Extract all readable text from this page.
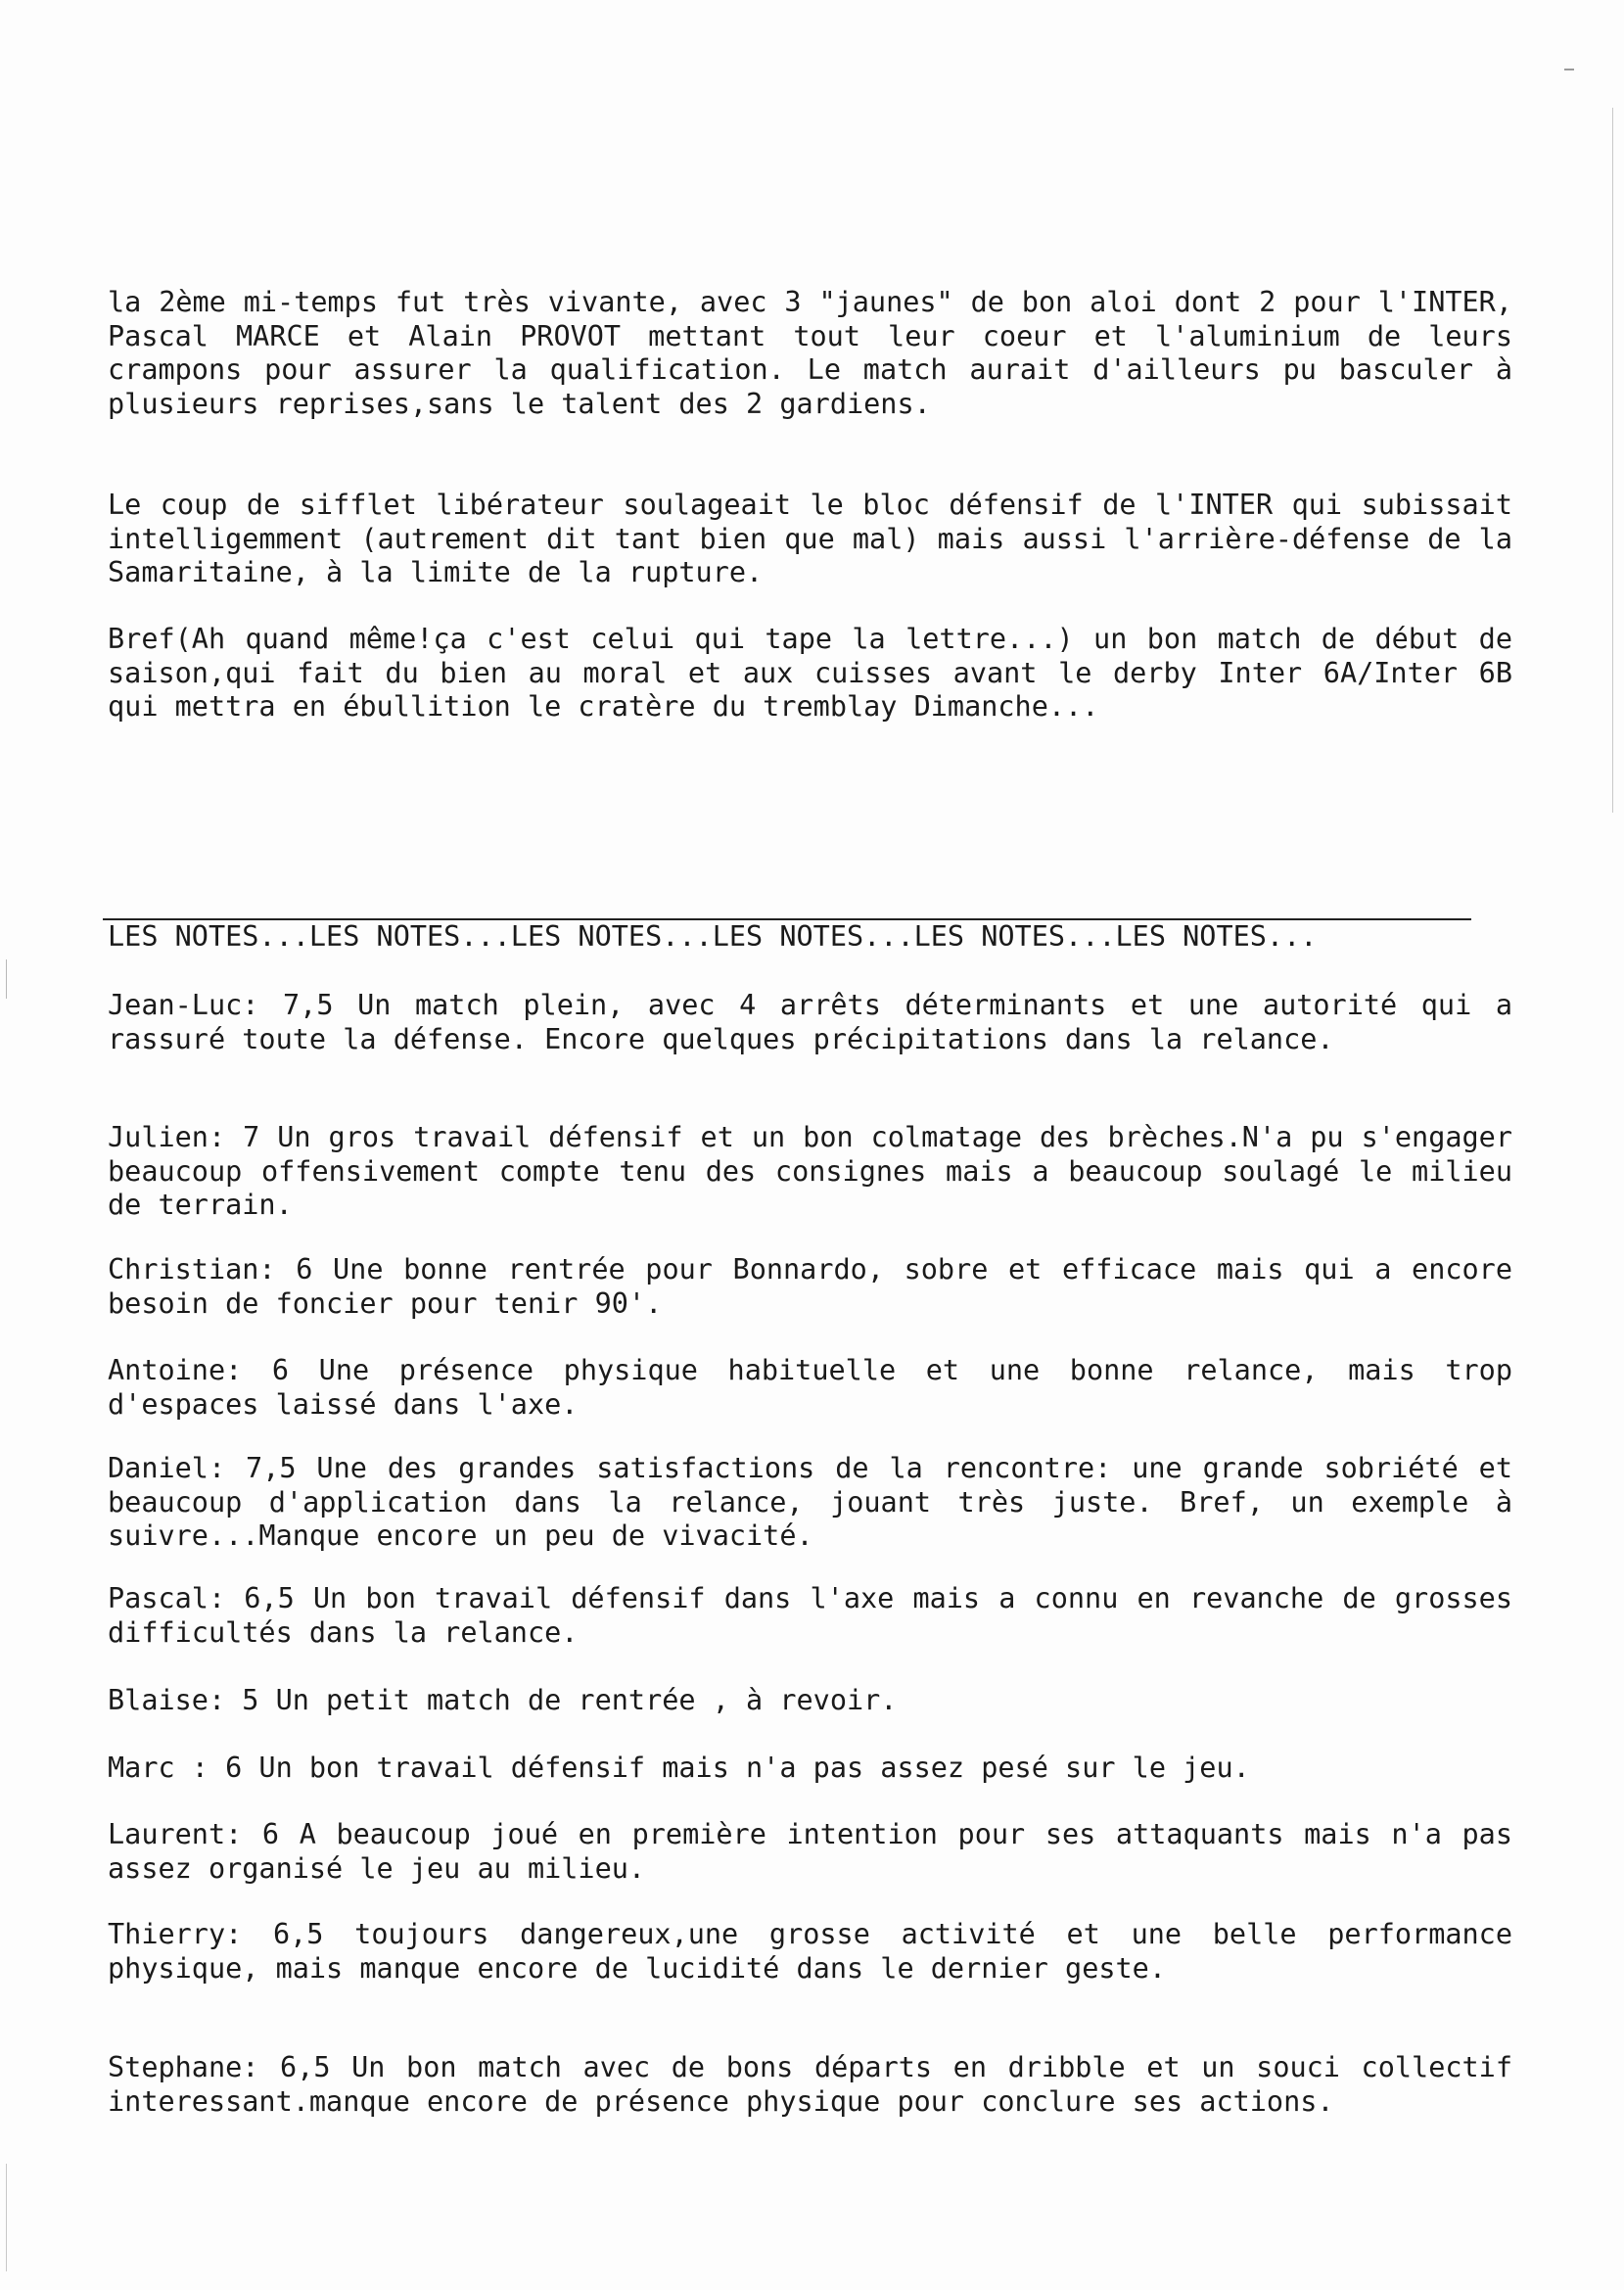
la 2ème mi-temps fut très vivante, avec 3 "jaunes" de bon aloi dont 2 pour l'INTER, Pascal MARCE et Alain PROVOT mettant tout leur coeur et l'aluminium de leurs crampons pour assurer la qualification. Le match aurait d'ailleurs pu basculer à plusieurs reprises,sans le talent des 2 gardiens.

Le coup de sifflet libérateur soulageait le bloc défensif de l'INTER qui subissait intelligemment (autrement dit tant bien que mal) mais aussi l'arrière-défense de la Samaritaine, à la limite de la rupture.

Bref(Ah quand même!ça c'est celui qui tape la lettre...) un bon match de début de saison,qui fait du bien au moral et aux cuisses avant le derby Inter 6A/Inter 6B qui mettra en ébullition le cratère du tremblay Dimanche...

LES NOTES...LES NOTES...LES NOTES...LES NOTES...LES NOTES...LES NOTES...

Jean-Luc: 7,5 Un match plein, avec 4 arrêts déterminants et une autorité qui a rassuré toute la défense. Encore quelques précipitations dans la relance.

Julien: 7 Un gros travail défensif et un bon colmatage des brèches.N'a pu s'engager beaucoup offensivement compte tenu des consignes mais a beaucoup soulagé le milieu de terrain.

Christian: 6 Une bonne rentrée pour Bonnardo, sobre et efficace mais qui a encore besoin de foncier pour tenir 90'.

Antoine: 6 Une présence physique habituelle et une bonne relance, mais trop d'espaces laissé dans l'axe.

Daniel: 7,5 Une des grandes satisfactions de la rencontre: une grande sobriété et beaucoup d'application dans la relance, jouant très juste. Bref, un exemple à suivre...Manque encore un peu de vivacité.

Pascal: 6,5 Un bon travail défensif dans l'axe mais a connu en revanche de grosses difficultés dans la relance.

Blaise: 5 Un petit match de rentrée , à revoir.

Marc : 6 Un bon travail défensif mais n'a pas assez pesé sur le jeu.

Laurent: 6 A beaucoup joué en première intention pour ses attaquants mais n'a pas assez organisé le jeu au milieu.

Thierry: 6,5 toujours dangereux,une grosse activité et une belle performance physique, mais manque encore de lucidité dans le dernier geste.

Stephane: 6,5 Un bon match avec de bons départs en dribble et un souci collectif interessant.manque encore de présence physique pour conclure ses actions.
